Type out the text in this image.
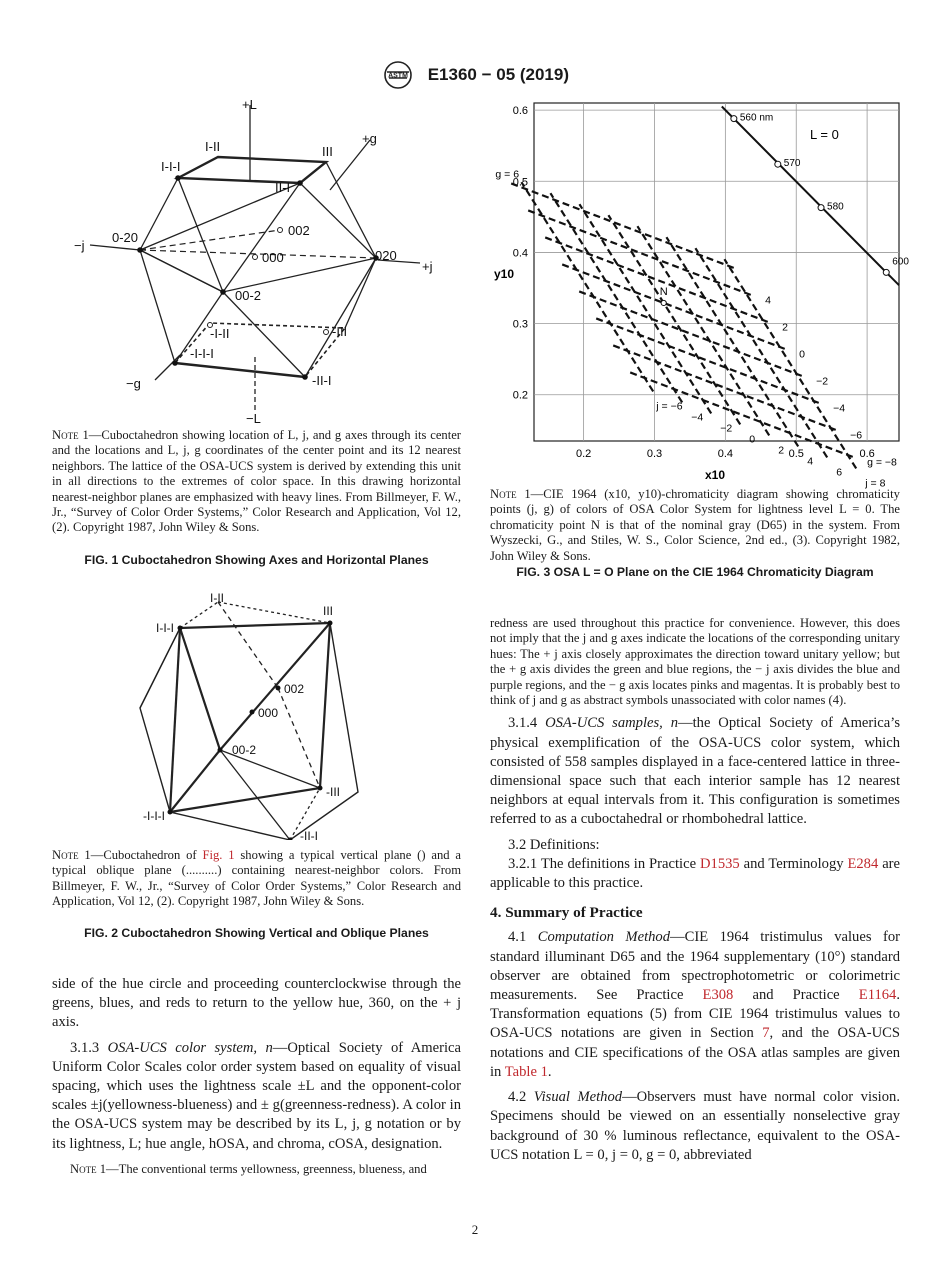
ASTM E1360 − 05 (2019)
+L
−L
+g
−g
+j
−j
I-I-I
I-II	III
II-I
002
0-20
000	020
00-2
-I-II	-III
-I-I-I
-II-I
Note 1—Cuboctahedron showing location of L, j, and g axes through its center and the locations and L, j, g coordinates of the center point and its 12 nearest neighbors. The lattice of the OSA-UCS system is derived by extending this unit in all directions to the extremes of color space. In this drawing horizontal nearest-neighbor planes are emphasized with heavy lines. From Billmeyer, F. W., Jr., “Survey of Color Order Systems,” Color Research and Application, Vol 12, (2). Copyright 1987, John Wiley & Sons.
FIG. 1 Cuboctahedron Showing Axes and Horizontal Planes
0.2	0.3	0.4	0.5	0.6
0.2
0.3
0.4
0.5
0.6
560 nm
570
580
600
N
L = 0
y10
x10
j = −6
−4
−2
0
2
4
6
j = 8
g = 6
4
2
0
−2
−4
−6
g = −8
Note 1—CIE 1964 (x10, y10)-chromaticity diagram showing chromaticity points (j, g) of colors of OSA Color System for lightness level L = 0. The chromaticity point N is that of the nominal gray (D65) in the system. From Wyszecki, G., and Stiles, W. S., Color Science, 2nd ed., (3). Copyright 1982, John Wiley & Sons.
FIG. 3 OSA L = O Plane on the CIE 1964 Chromaticity Diagram
I-II
III
I-I-I
002
000
00-2
-III
-I-I-I
-II-I
Note 1—Cuboctahedron of Fig. 1 showing a typical vertical plane () and a typical oblique plane (..........) containing nearest-neighbor colors. From Billmeyer, F. W., Jr., “Survey of Color Order Systems,” Color Research and Application, Vol 12, (2). Copyright 1987, John Wiley & Sons.
FIG. 2 Cuboctahedron Showing Vertical and Oblique Planes

side of the hue circle and proceeding counterclockwise through the greens, blues, and reds to return to the yellow hue, 360, on the + j axis.

3.1.3 OSA-UCS color system, n—Optical Society of America Uniform Color Scales color order system based on equality of visual spacing, which uses the lightness scale ±L and the opponent-color scales ±j(yellowness-blueness) and ± g(greenness-redness). A color in the OSA-UCS system may be described by its L, j, g notation or by its lightness, L; hue angle, hOSA, and chroma, cOSA, designation.

Note 1—The conventional terms yellowness, greenness, blueness, and

redness are used throughout this practice for convenience. However, this does not imply that the j and g axes indicate the locations of the corresponding unitary hues: The + j axis closely approximates the direction toward unitary yellow; but the + g axis divides the green and blue regions, the − j axis divides the blue and purple regions, and the − g axis locates pinks and magentas. It is probably best to think of j and g as abstract symbols unassociated with color names (4).

3.1.4 OSA-UCS samples, n—the Optical Society of America’s physical exemplification of the OSA-UCS color system, which consisted of 558 samples displayed in a face-centered lattice in three-dimensional space such that each interior sample has 12 nearest neighbors at equal intervals from it. This configuration is sometimes referred to as a cuboctahedral or rhombohedral lattice.

3.2 Definitions:

3.2.1 The definitions in Practice D1535 and Terminology E284 are applicable to this practice.

4. Summary of Practice

4.1 Computation Method—CIE 1964 tristimulus values for standard illuminant D65 and the 1964 supplementary (10°) standard observer are obtained from spectrophotometric or colorimetric measurements. See Practice E308 and Practice E1164. Transformation equations (5) from CIE 1964 tristimulus values to OSA-UCS notations are given in Section 7, and the OSA-UCS notations and CIE specifications of the OSA atlas samples are given in Table 1.

4.2 Visual Method—Observers must have normal color vision. Specimens should be viewed on an essentially nonselective gray background of 30 % luminous reflectance, equivalent to the OSA-UCS notation L = 0, j = 0, g = 0, abbreviated

2
